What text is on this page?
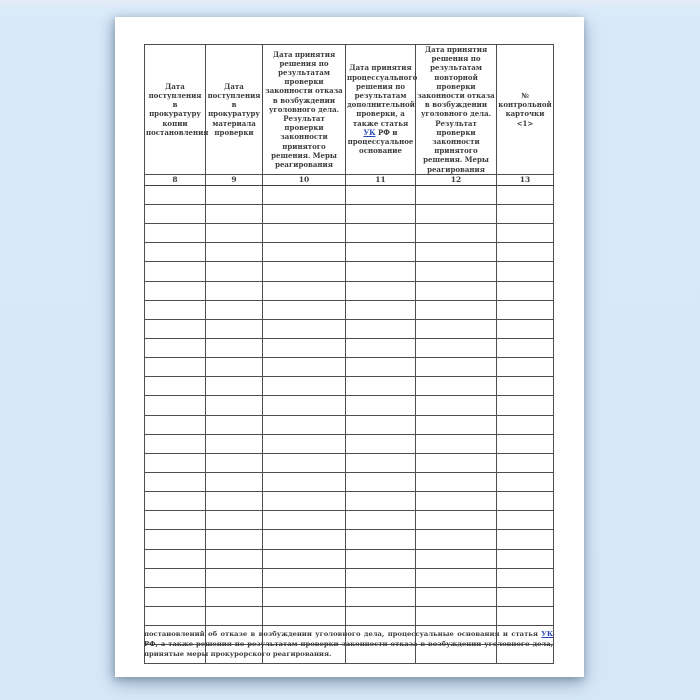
Дата поступления в прокуратуру копии постановления	Дата поступления в прокуратуру материала проверки	Дата принятия решения по результатам проверки законности отказа в возбуждении уголовного дела. Результат проверки законности принятого решения. Меры реагирования	Дата принятия процессуального решения по результатам дополнительной проверки, а также статья УК РФ и процессуальное основание	Дата принятия решения по результатам повторной проверки законности отказа в возбуждении уголовного дела. Результат проверки законности принятого решения. Меры реагирования	№ контрольной карточки <1>
8	9	10	11	12	13

постановлений об отказе в возбуждении уголовного дела, процессуальные основания и статья УК РФ, а также решения по результатам проверки законности отказа в возбуждении уголовного дела, принятые меры прокурорского реагирования.
